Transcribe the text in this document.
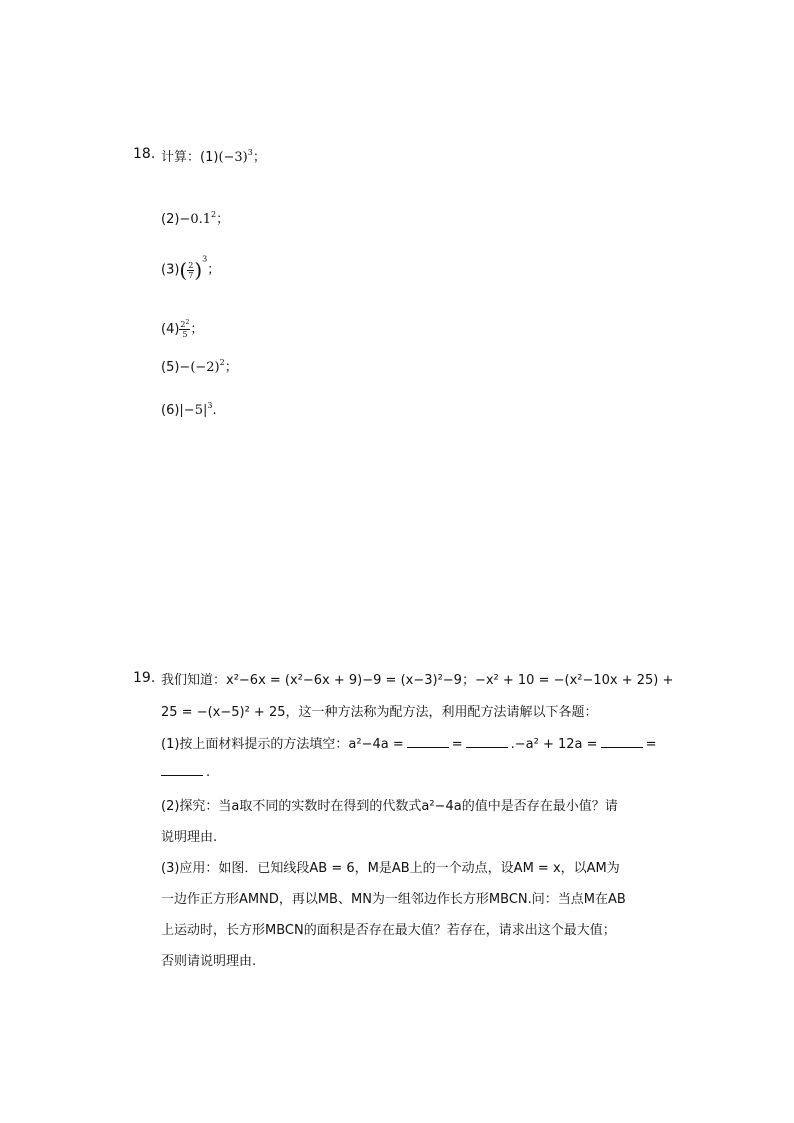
18. 计算：$(1)(-3)^3$；
$(2)-0.1^2$；
$(3)( \frac{2}{7} )^3$；
$(4) \frac{2^2}{5}$ ；
$(5)-(-2)^2$；
$(6)|-5|^3$.
19. 我们知道：x²−6x = (x²−6x + 9)−9 = (x−3)²−9；−x² + 10 = −(x²−10x + 25) +
25 = −(x−5)² + 25，这一种方法称为配方法，利用配方法请解以下各题：
(1)按上面材料提示的方法填空：a²−4a =	=	.−a² + 12a =	=
.
(2)探究：当a取不同的实数时在得到的代数式a²−4a的值中是否存在最小值？请
说明理由.
(3)应用：如图．已知线段AB = 6，M是AB上的一个动点，设AM = x，以AM为
一边作正方形AMND，再以MB、MN为一组邻边作长方形MBCN.问：当点M在AB
上运动时，长方形MBCN的面积是否存在最大值？若存在，请求出这个最大值；
否则请说明理由.
